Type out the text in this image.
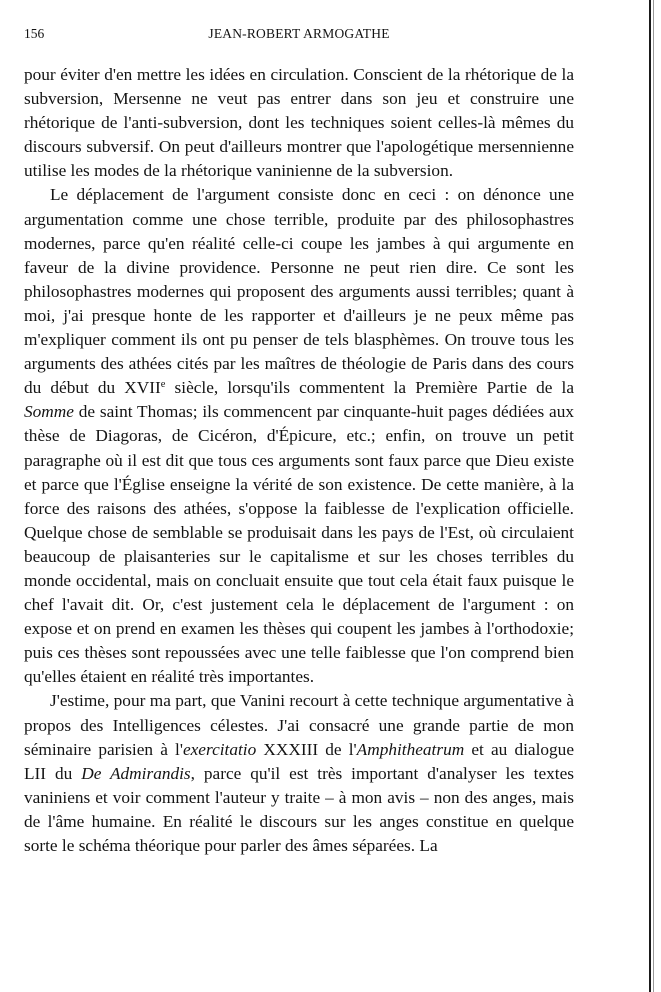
156	JEAN-ROBERT ARMOGATHE

pour éviter d'en mettre les idées en circulation. Conscient de la rhétorique de la subversion, Mersenne ne veut pas entrer dans son jeu et construire une rhétorique de l'anti-subversion, dont les techniques soient celles-là mêmes du discours subversif. On peut d'ailleurs montrer que l'apologétique mersennienne utilise les modes de la rhétorique vaninienne de la subversion.

Le déplacement de l'argument consiste donc en ceci : on dénonce une argumentation comme une chose terrible, produite par des philosophastres modernes, parce qu'en réalité celle-ci coupe les jambes à qui argumente en faveur de la divine providence. Personne ne peut rien dire. Ce sont les philosophastres modernes qui proposent des arguments aussi terribles; quant à moi, j'ai presque honte de les rapporter et d'ailleurs je ne peux même pas m'expliquer comment ils ont pu penser de tels blasphèmes. On trouve tous les arguments des athées cités par les maîtres de théologie de Paris dans des cours du début du XVIIe siècle, lorsqu'ils commentent la Première Partie de la Somme de saint Thomas; ils commencent par cinquante-huit pages dédiées aux thèse de Diagoras, de Cicéron, d'Épicure, etc.; enfin, on trouve un petit paragraphe où il est dit que tous ces arguments sont faux parce que Dieu existe et parce que l'Église enseigne la vérité de son existence. De cette manière, à la force des raisons des athées, s'oppose la faiblesse de l'explication officielle. Quelque chose de semblable se produisait dans les pays de l'Est, où circulaient beaucoup de plaisanteries sur le capitalisme et sur les choses terribles du monde occidental, mais on concluait ensuite que tout cela était faux puisque le chef l'avait dit. Or, c'est justement cela le déplacement de l'argument : on expose et on prend en examen les thèses qui coupent les jambes à l'orthodoxie; puis ces thèses sont repoussées avec une telle faiblesse que l'on comprend bien qu'elles étaient en réalité très importantes.

J'estime, pour ma part, que Vanini recourt à cette technique argumentative à propos des Intelligences célestes. J'ai consacré une grande partie de mon séminaire parisien à l'exercitatio XXXIII de l'Amphitheatrum et au dialogue LII du De Admirandis, parce qu'il est très important d'analyser les textes vaniniens et voir comment l'auteur y traite – à mon avis – non des anges, mais de l'âme humaine. En réalité le discours sur les anges constitue en quelque sorte le schéma théorique pour parler des âmes séparées. La
